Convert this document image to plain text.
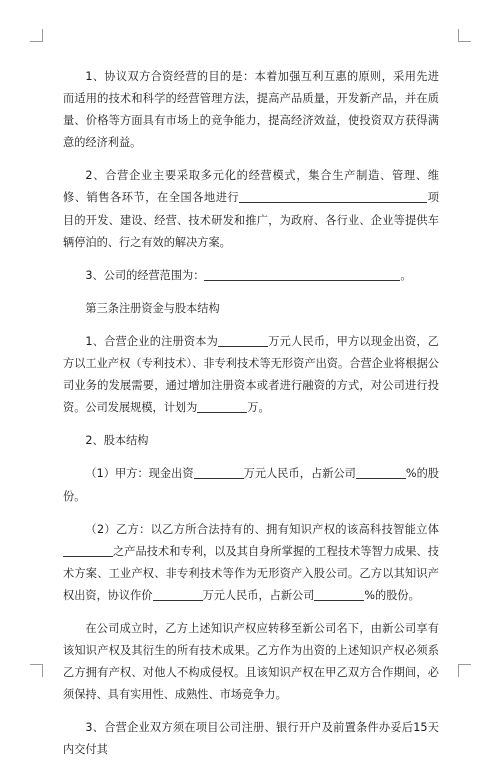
1、协议双方合资经营的目的是：本着加强互利互惠的原则，采用先进而适用的技术和科学的经营管理方法，提高产品质量，开发新产品，并在质量、价格等方面具有市场上的竞争能力，提高经济效益，使投资双方获得满意的经济利益。

2、合营企业主要采取多元化的经营模式，集合生产制造、管理、维修、销售各环节，在全国各地进行	项目的开发、建设、经营、技术研发和推广，为政府、各行业、企业等提供车辆停泊的、行之有效的解决方案。

3、公司的经营范围为：	。

第三条注册资金与股本结构

1、合营企业的注册资本为	万元人民币，甲方以现金出资，乙方以工业产权（专利技术）、非专利技术等无形资产出资。合营企业将根据公司业务的发展需要，通过增加注册资本或者进行融资的方式，对公司进行投资。公司发展规模，计划为	万。

2、股本结构

（1）甲方：现金出资	万元人民币，占新公司	%的股份。

（2）乙方：以乙方所合法持有的、拥有知识产权的该高科技智能立体之产品技术和专利，以及其自身所掌握的工程技术等智力成果、技术方案、工业产权、非专利技术等作为无形资产入股公司。乙方以其知识产权出资，协议作价	万元人民币，占新公司	%的股份。

在公司成立时，乙方上述知识产权应转移至新公司名下，由新公司享有该知识产权及其衍生的所有技术成果。乙方作为出资的上述知识产权必须系乙方拥有产权、对他人不构成侵权。且该知识产权在甲乙双方合作期间，必须保持、具有实用性、成熟性、市场竞争力。

3、合营企业双方须在项目公司注册、银行开户及前置条件办妥后15天内交付其
